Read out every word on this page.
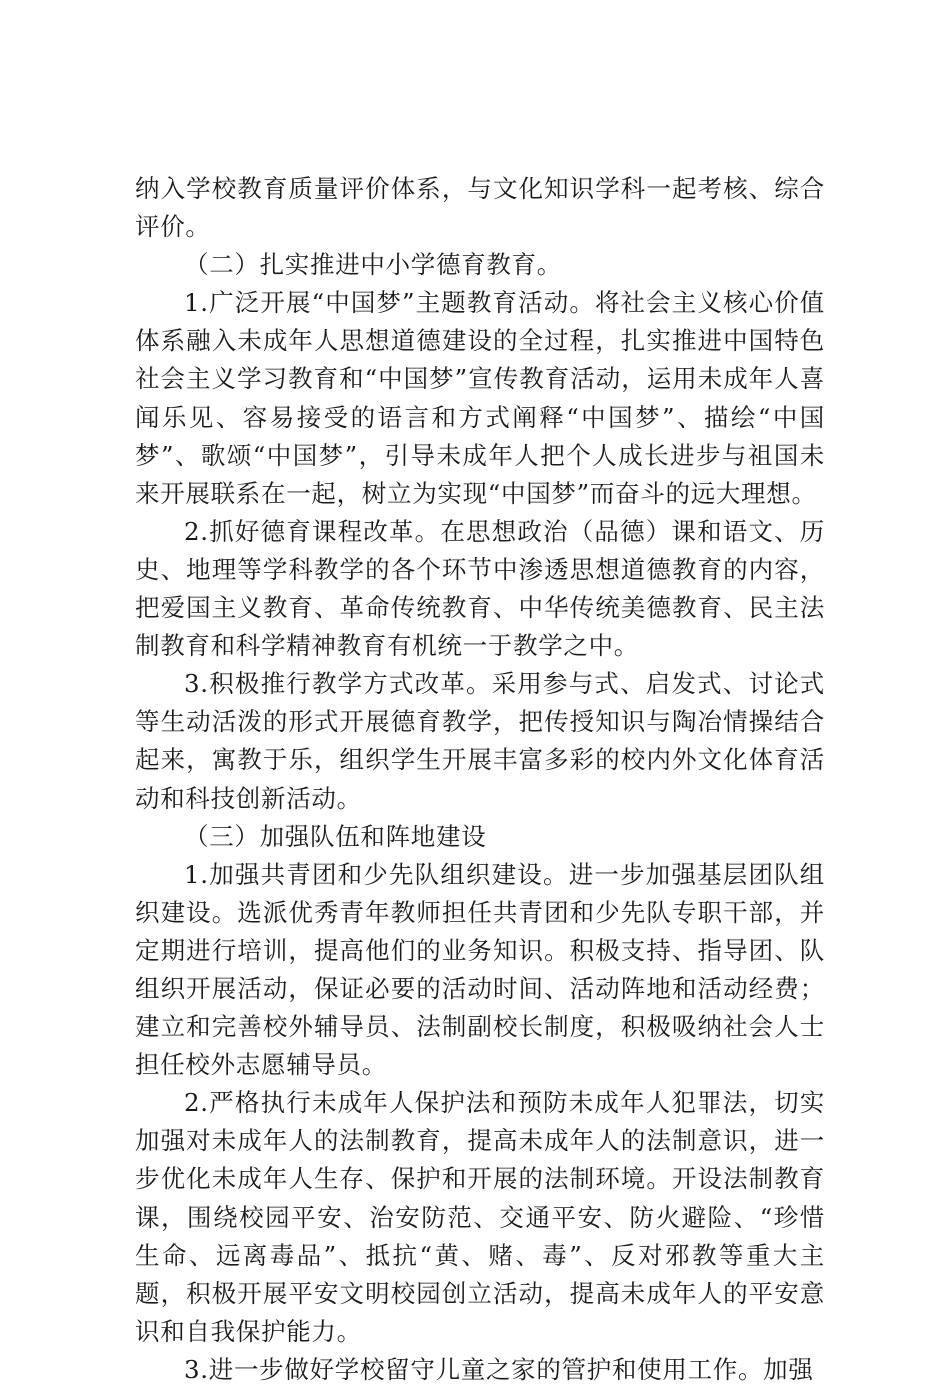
纳入学校教育质量评价体系，与文化知识学科一起考核、综合评价。

（二）扎实推进中小学德育教育。

1.广泛开展“中国梦”主题教育活动。将社会主义核心价值体系融入未成年人思想道德建设的全过程，扎实推进中国特色社会主义学习教育和“中国梦”宣传教育活动，运用未成年人喜闻乐见、容易接受的语言和方式阐释“中国梦”、描绘“中国梦”、歌颂“中国梦”，引导未成年人把个人成长进步与祖国未来开展联系在一起，树立为实现“中国梦”而奋斗的远大理想。

2.抓好德育课程改革。在思想政治（品德）课和语文、历史、地理等学科教学的各个环节中渗透思想道德教育的内容，把爱国主义教育、革命传统教育、中华传统美德教育、民主法制教育和科学精神教育有机统一于教学之中。

3.积极推行教学方式改革。采用参与式、启发式、讨论式等生动活泼的形式开展德育教学，把传授知识与陶冶情操结合起来，寓教于乐，组织学生开展丰富多彩的校内外文化体育活动和科技创新活动。

（三）加强队伍和阵地建设

1.加强共青团和少先队组织建设。进一步加强基层团队组织建设。选派优秀青年教师担任共青团和少先队专职干部，并定期进行培训，提高他们的业务知识。积极支持、指导团、队组织开展活动，保证必要的活动时间、活动阵地和活动经费；建立和完善校外辅导员、法制副校长制度，积极吸纳社会人士担任校外志愿辅导员。

2.严格执行未成年人保护法和预防未成年人犯罪法，切实加强对未成年人的法制教育，提高未成年人的法制意识，进一步优化未成年人生存、保护和开展的法制环境。开设法制教育课，围绕校园平安、治安防范、交通平安、防火避险、“珍惜生命、远离毒品”、抵抗“黄、赌、毒”、反对邪教等重大主题，积极开展平安文明校园创立活动，提高未成年人的平安意识和自我保护能力。

3.进一步做好学校留守儿童之家的管护和使用工作。加强
